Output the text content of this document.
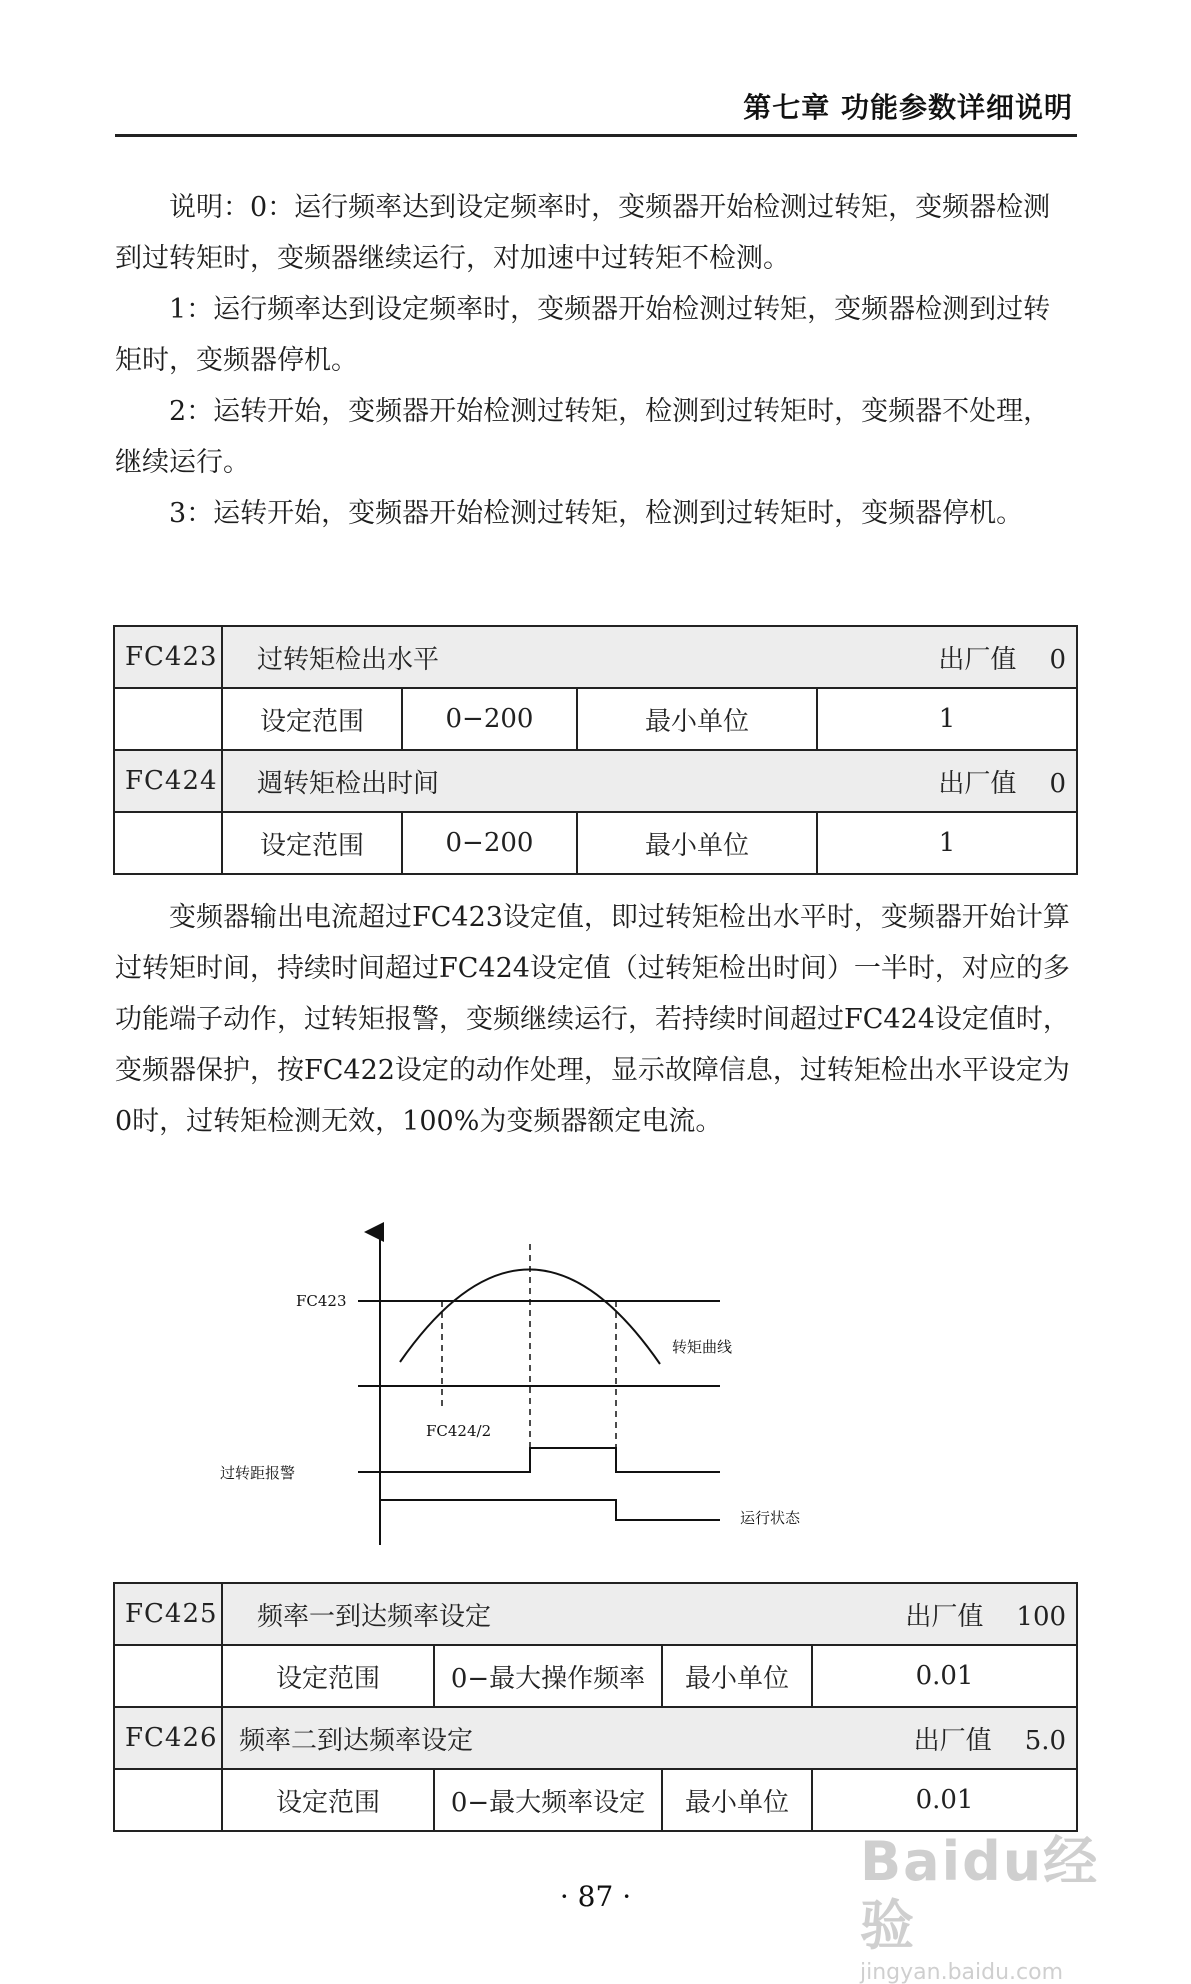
第七章 功能参数详细说明

说明：0：运行频率达到设定频率时，变频器开始检测过转矩，变频器检测到过转矩时，变频器继续运行，对加速中过转矩不检测。

1：运行频率达到设定频率时，变频器开始检测过转矩，变频器检测到过转矩时，变频器停机。

2：运转开始，变频器开始检测过转矩，检测到过转矩时，变频器不处理，继续运行。

3：运转开始，变频器开始检测过转矩，检测到过转矩时，变频器停机。

FC423	过转矩检出水平 出厂值 0			

	设定范围	0−200	最小单位	1
FC424	週转矩检出时间 出厂值 0			

	设定范围	0−200	最小单位	1

变频器输出电流超过FC423设定值，即过转矩检出水平时，变频器开始计算过转矩时间，持续时间超过FC424设定值（过转矩检出时间）一半时，对应的多功能端子动作，过转矩报警，变频继续运行，若持续时间超过FC424设定值时，变频器保护，按FC422设定的动作处理，显示故障信息，过转矩检出水平设定为0时，过转矩检测无效，100%为变频器额定电流。

FC423
转矩曲线
FC424/2
过转距报警
运行状态
FC425	频率一到达频率设定 出厂值 100			

	设定范围	0−最大操作频率	最小单位	0.01
FC426	频率二到达频率设定 出厂值 5.0			

	设定范围	0−最大频率设定	最小单位	0.01
· 87 ·
Baidu经验
jingyan.baidu.com
